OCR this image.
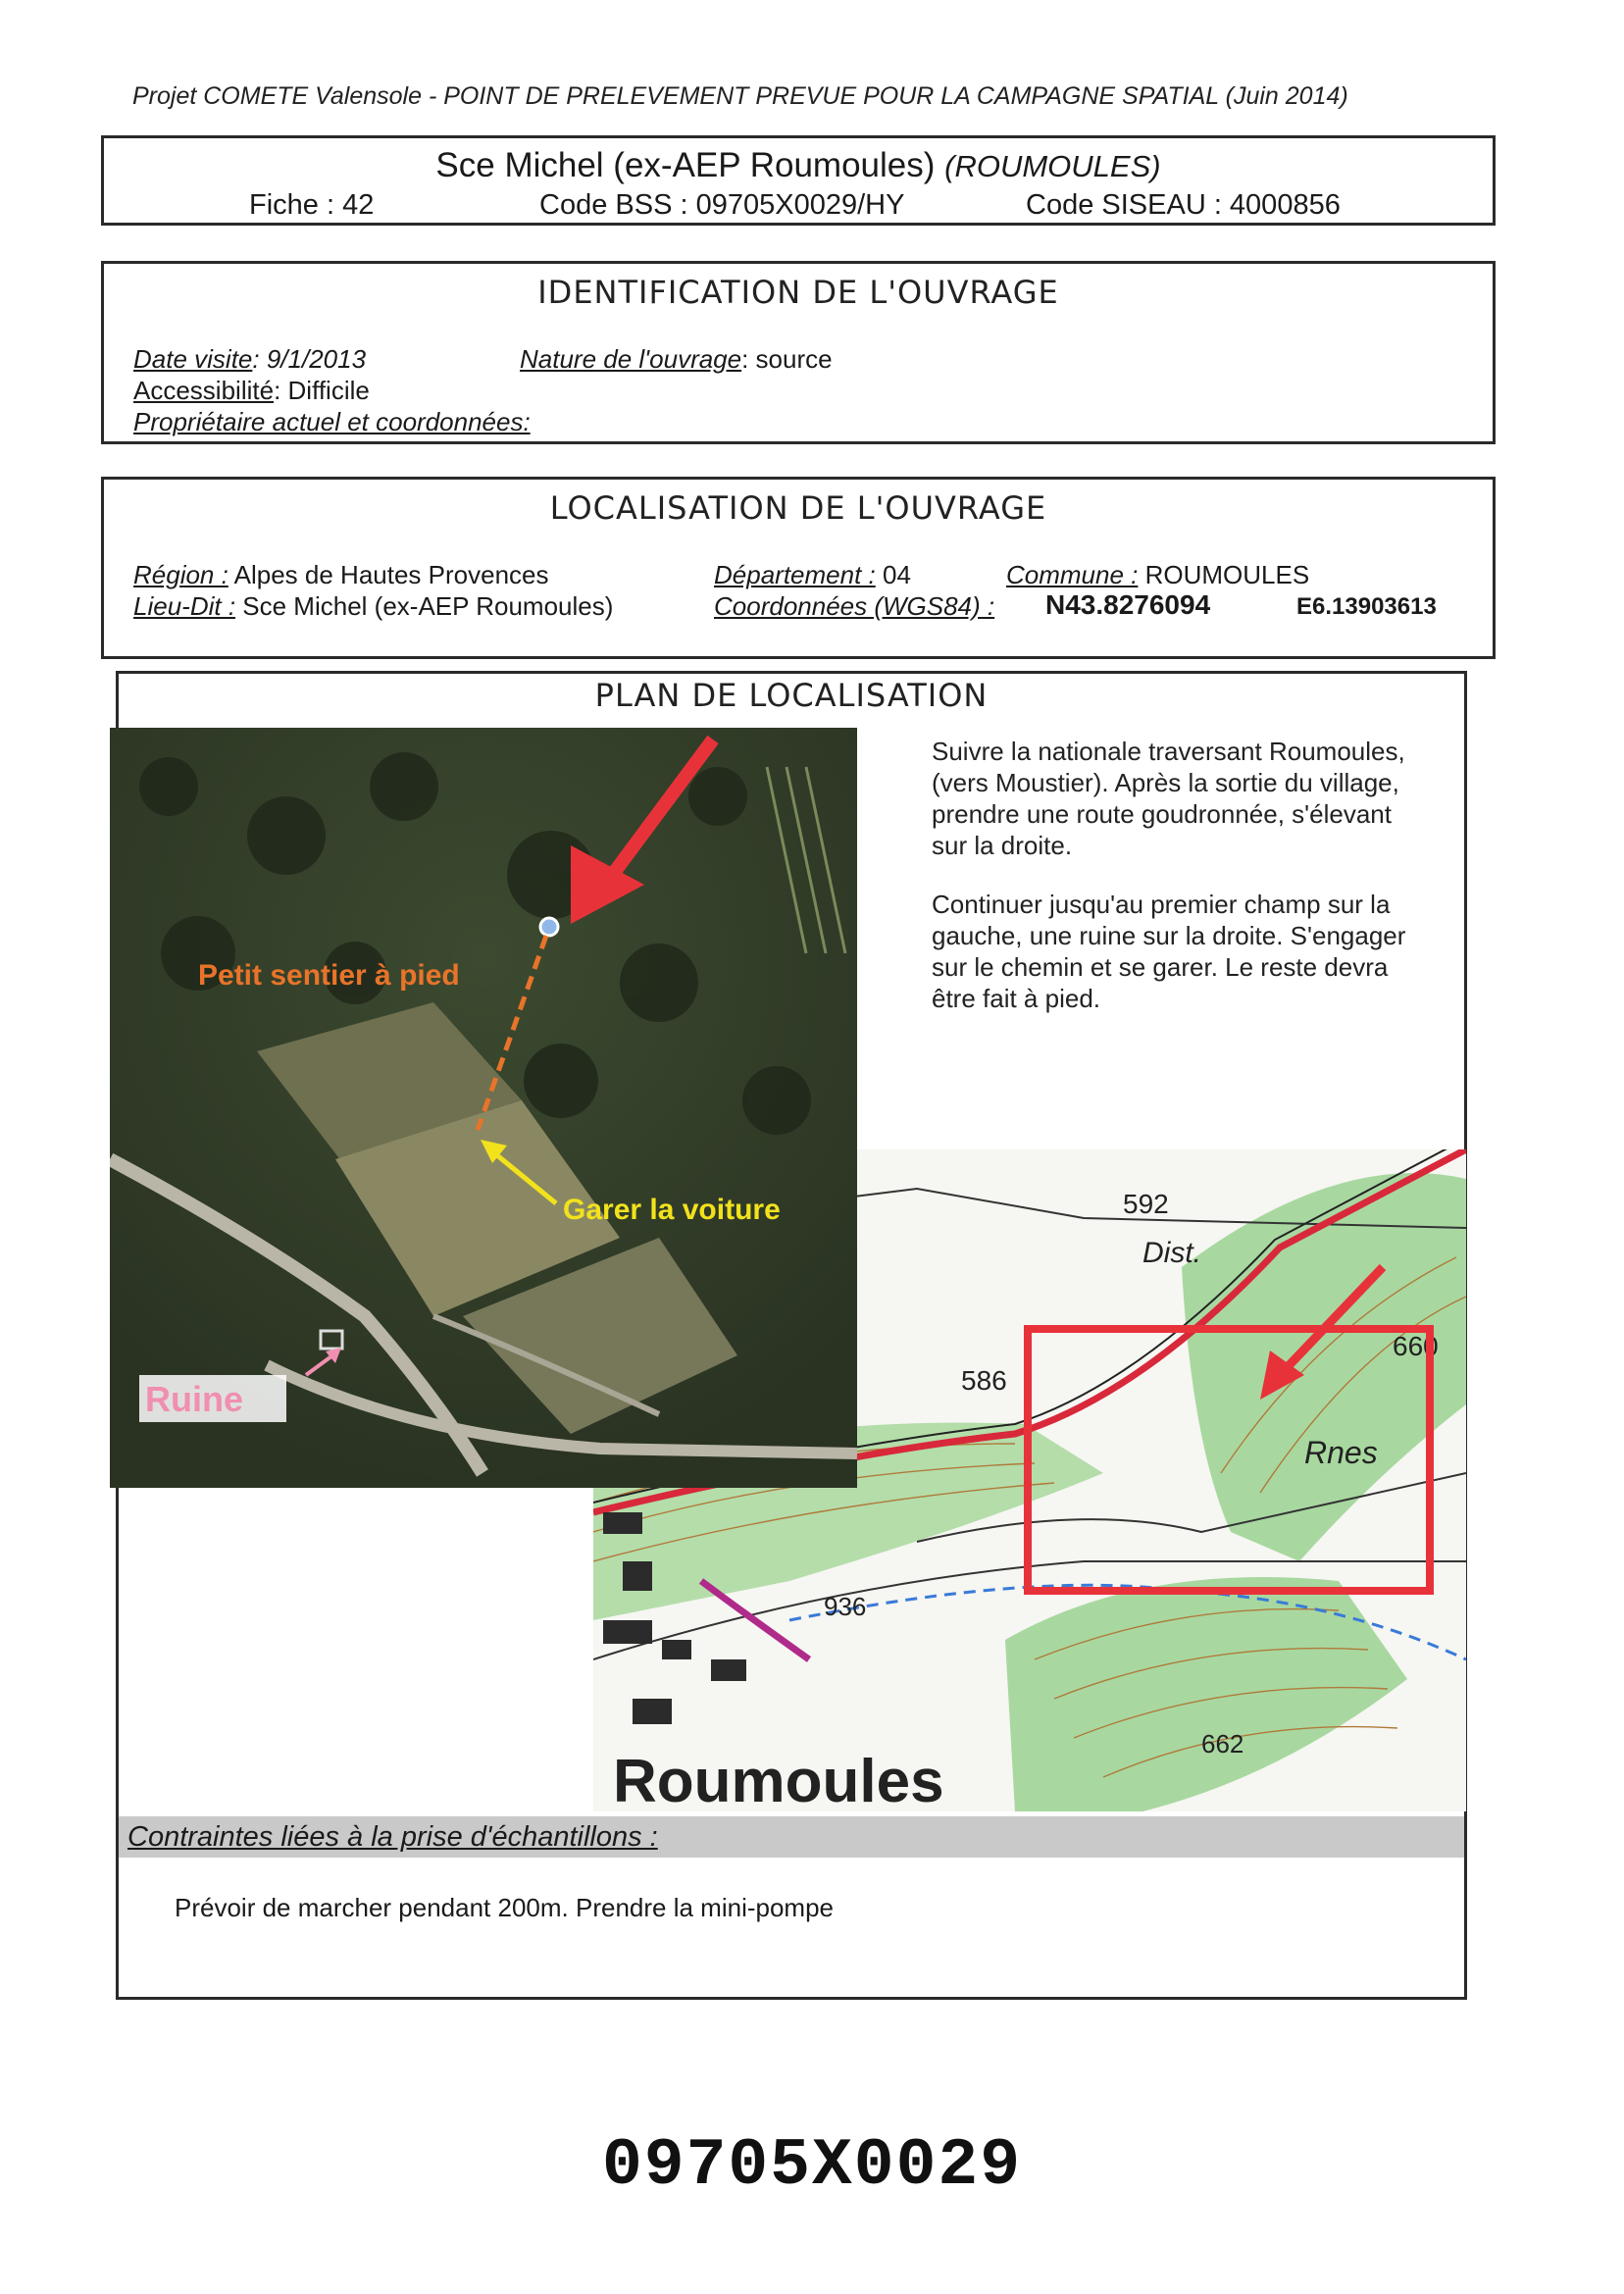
Projet COMETE Valensole - POINT DE PRELEVEMENT PREVUE POUR LA CAMPAGNE SPATIAL (Juin 2014)
Sce Michel (ex-AEP Roumoules) (ROUMOULES)
Fiche : 42	Code BSS : 09705X0029/HY	Code SISEAU : 4000856
IDENTIFICATION DE L'OUVRAGE
Date visite: 9/1/2013	Nature de l'ouvrage: source
Accessibilité: Difficile
Propriétaire actuel et coordonnées:
LOCALISATION DE L'OUVRAGE
Région : Alpes de Hautes Provences	Département : 04	Commune : ROUMOULES
Lieu-Dit : Sce Michel (ex-AEP Roumoules)	Coordonnées (WGS84) : N43.8276094	E6.13903613
PLAN DE LOCALISATION

Suivre la nationale traversant Roumoules, (vers Moustier). Après la sortie du village, prendre une route goudronnée, s'élevant sur la droite.

Continuer jusqu'au premier champ sur la gauche, une ruine sur la droite. S'engager sur le chemin et se garer. Le reste devra être fait à pied.

592
Dist.
586
660
Rnes
936
662
Roumoules
Petit sentier à pied
Garer la voiture
Ruine
Contraintes liées à la prise d'échantillons :
Prévoir de marcher pendant 200m. Prendre la mini-pompe
09705X0029
